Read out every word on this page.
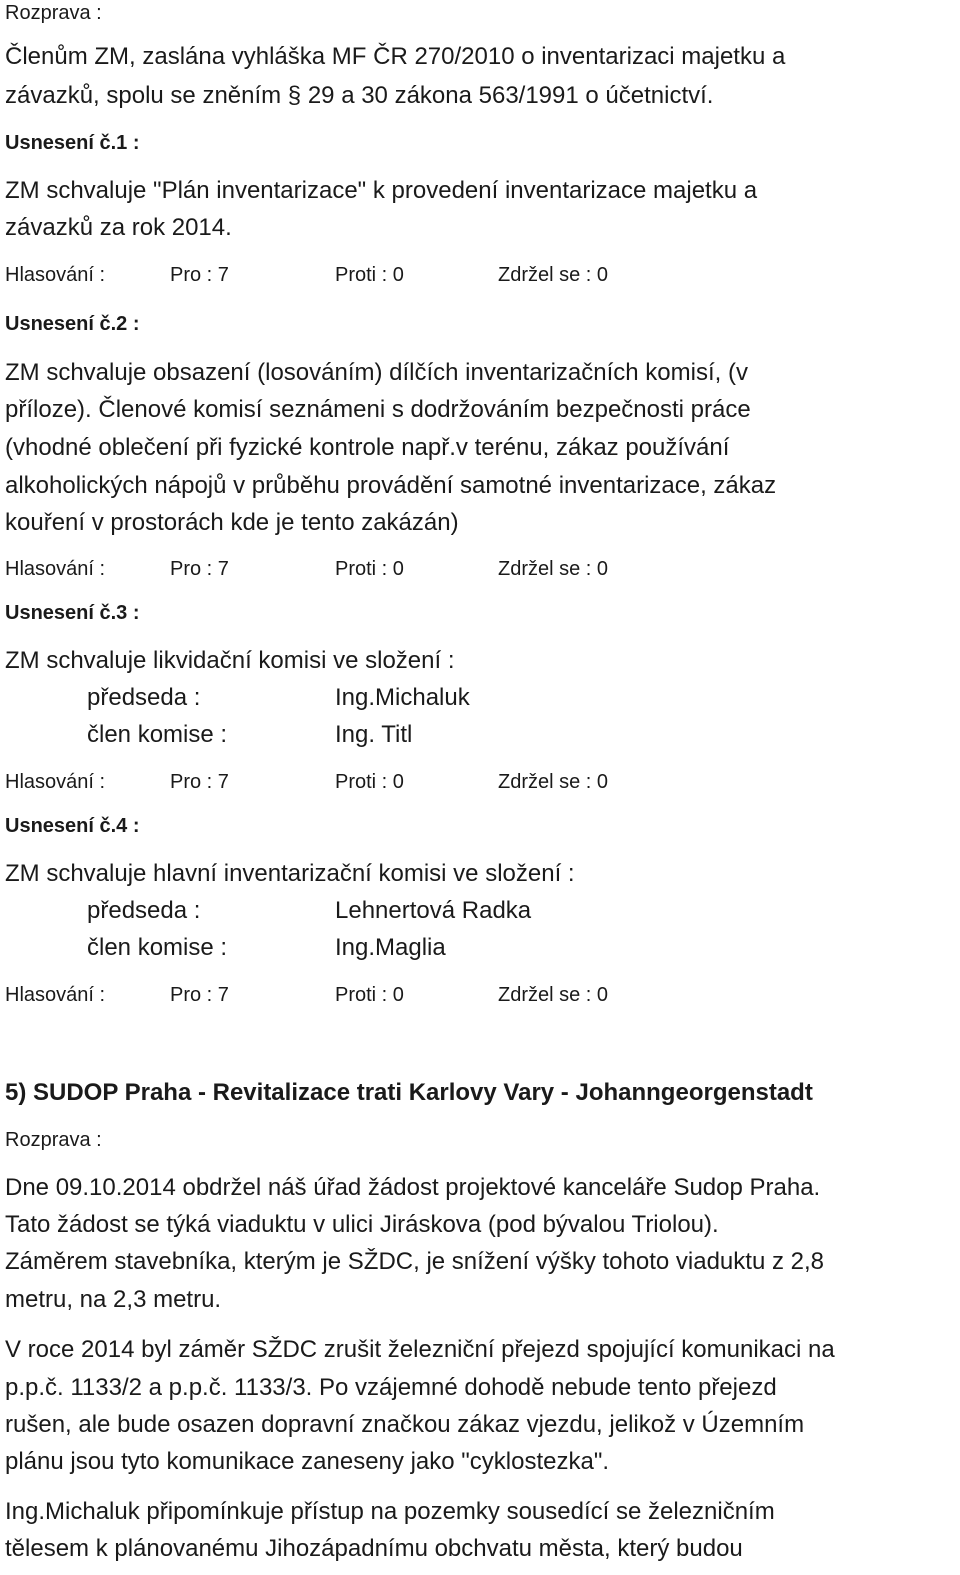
Rozprava :
Členům ZM, zaslána vyhláška MF ČR 270/2010 o inventarizaci majetku a
závazků, spolu se zněním § 29 a 30 zákona 563/1991 o účetnictví.
Usnesení č.1 :
ZM schvaluje "Plán inventarizace" k provedení inventarizace majetku a
závazků za rok 2014.
Hlasování :	Pro : 7	Proti : 0	Zdržel se : 0
Usnesení č.2 :
ZM schvaluje obsazení (losováním) dílčích inventarizačních komisí, (v
příloze). Členové komisí seznámeni s dodržováním bezpečnosti práce
(vhodné oblečení při fyzické kontrole např.v terénu, zákaz používání
alkoholických nápojů v průběhu provádění samotné inventarizace, zákaz
kouření v prostorách kde je tento zakázán)
Hlasování :	Pro : 7	Proti : 0	Zdržel se : 0
Usnesení č.3 :
ZM schvaluje likvidační komisi ve složení :
předseda :	Ing.Michaluk
člen komise :	Ing. Titl
Hlasování :	Pro : 7	Proti : 0	Zdržel se : 0
Usnesení č.4 :
ZM schvaluje hlavní inventarizační komisi ve složení :
předseda :	Lehnertová Radka
člen komise :	Ing.Maglia
Hlasování :	Pro : 7	Proti : 0	Zdržel se : 0
5) SUDOP Praha - Revitalizace trati Karlovy Vary - Johanngeorgenstadt
Rozprava :
Dne 09.10.2014 obdržel náš úřad žádost projektové kanceláře Sudop Praha.
Tato žádost se týká viaduktu v ulici Jiráskova (pod bývalou Triolou).
Záměrem stavebníka, kterým je SŽDC, je snížení výšky tohoto viaduktu z 2,8
metru, na 2,3 metru.
V roce 2014 byl záměr SŽDC zrušit železniční přejezd spojující komunikaci na
p.p.č. 1133/2 a p.p.č. 1133/3. Po vzájemné dohodě nebude tento přejezd
rušen, ale bude osazen dopravní značkou zákaz vjezdu, jelikož v Územním
plánu jsou tyto komunikace zaneseny jako "cyklostezka".
Ing.Michaluk připomínkuje přístup na pozemky sousedící se železničním
tělesem k plánovanému Jihozápadnímu obchvatu města, který budou
